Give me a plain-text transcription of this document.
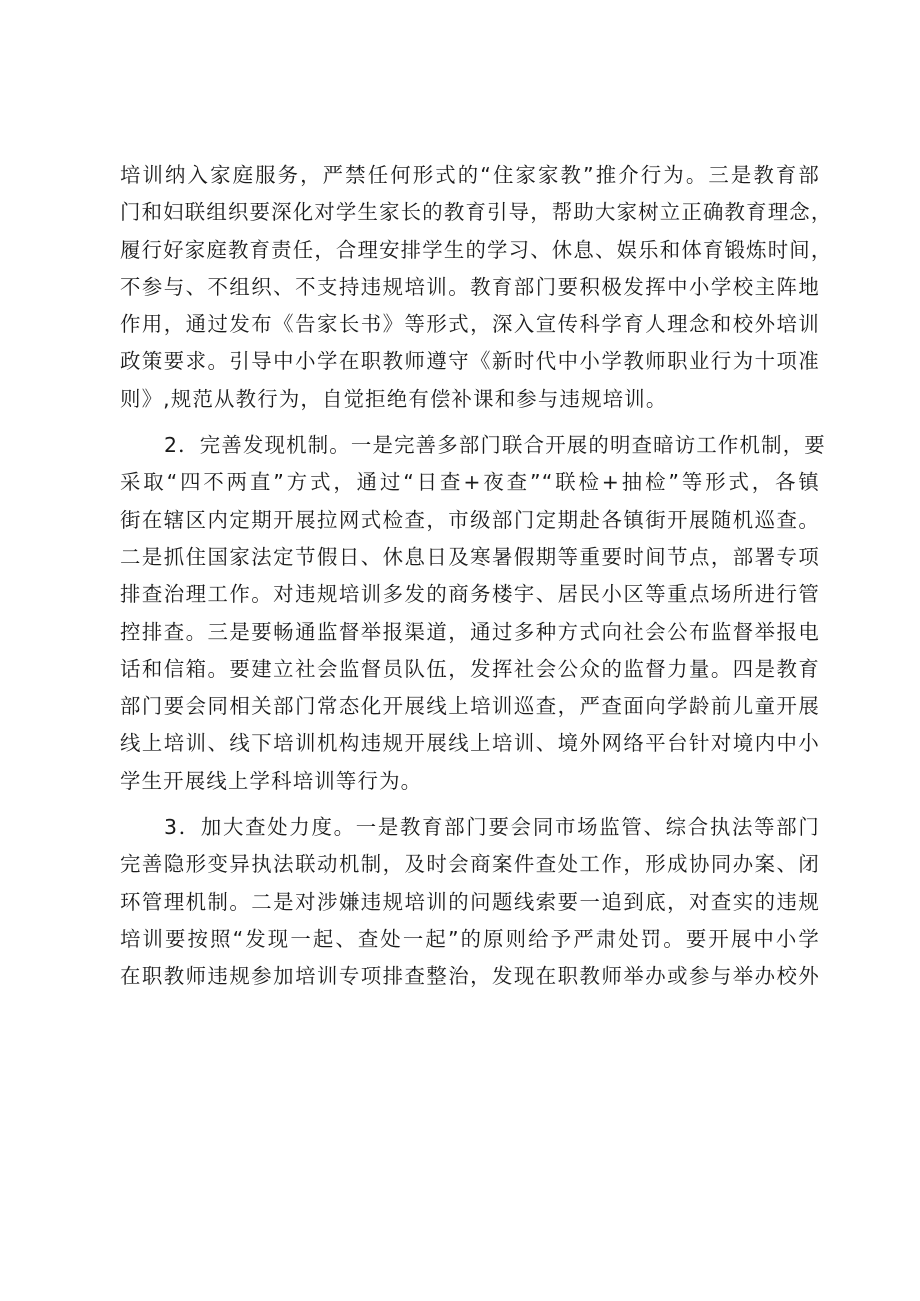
培训纳入家庭服务，严禁任何形式的“住家家教”推介行为。三是教育部
门和妇联组织要深化对学生家长的教育引导，帮助大家树立正确教育理念，
履行好家庭教育责任，合理安排学生的学习、休息、娱乐和体育锻炼时间，
不参与、不组织、不支持违规培训。教育部门要积极发挥中小学校主阵地
作用，通过发布《告家长书》等形式，深入宣传科学育人理念和校外培训
政策要求。引导中小学在职教师遵守《新时代中小学教师职业行为十项准
则》,规范从教行为，自觉拒绝有偿补课和参与违规培训。
2．完善发现机制。一是完善多部门联合开展的明查暗访工作机制，要
采取“四不两直”方式，通过“日查+夜查”“联检+抽检”等形式，各镇
街在辖区内定期开展拉网式检查，市级部门定期赴各镇街开展随机巡查。
二是抓住国家法定节假日、休息日及寒暑假期等重要时间节点，部署专项
排查治理工作。对违规培训多发的商务楼宇、居民小区等重点场所进行管
控排查。三是要畅通监督举报渠道，通过多种方式向社会公布监督举报电
话和信箱。要建立社会监督员队伍，发挥社会公众的监督力量。四是教育
部门要会同相关部门常态化开展线上培训巡查，严查面向学龄前儿童开展
线上培训、线下培训机构违规开展线上培训、境外网络平台针对境内中小
学生开展线上学科培训等行为。
3．加大查处力度。一是教育部门要会同市场监管、综合执法等部门
完善隐形变异执法联动机制，及时会商案件查处工作，形成协同办案、闭
环管理机制。二是对涉嫌违规培训的问题线索要一追到底，对查实的违规
培训要按照“发现一起、查处一起”的原则给予严肃处罚。要开展中小学
在职教师违规参加培训专项排查整治，发现在职教师举办或参与举办校外
